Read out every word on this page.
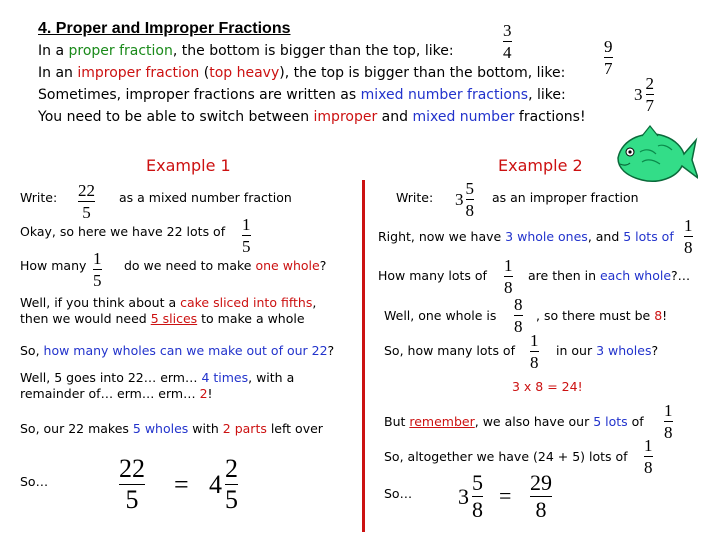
4. Proper and Improper Fractions
In a proper fraction, the bottom is bigger than the top, like:
In an improper fraction (top heavy), the top is bigger than the bottom, like:
Sometimes, improper fractions are written as mixed number fractions, like:
You need to be able to switch between improper and mixed number fractions!
3
4	9
7
$3 \frac{2}{7}$
Example 1
Write: 22
5
as a mixed number fraction
Okay, so here we have 22 lots of 1
5
How many 1
5
do we need to make one whole?
Well, if you think about a cake sliced into fifths,
then we would need 5 slices to make a whole
So, how many wholes can we make out of our 22?
Well, 5 goes into 22… erm… 4 times, with a
remainder of… erm… erm… 2!
So, our 22 makes 5 wholes with 2 parts left over
So…	22
5
= $4 \frac{2}{5}$
Example 2
Write: $3 \frac{5}{8}$ as an improper fraction
Right, now we have 3 whole ones, and 5 lots of
1
8
How many lots of
1
8
are then in each whole?…
Well, one whole is
8
8
, so there must be 8!
So, how many lots of
1
8
in our 3 wholes?
3 x 8 = 24!
But remember, we also have our 5 lots of
1
8
So, altogether we have (24 + 5) lots of
1
8
So… $3 \frac{5}{8}$ =
29
8
